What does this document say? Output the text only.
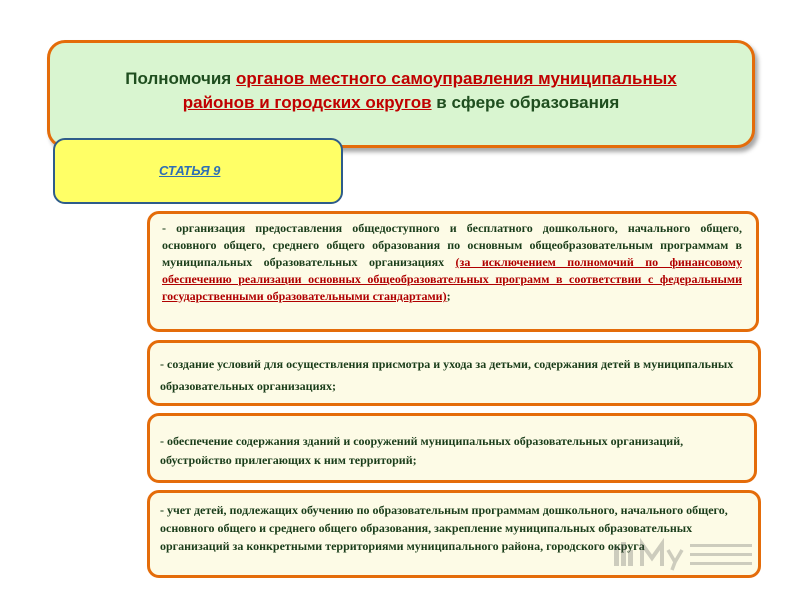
Полномочия органов местного самоуправления муниципальных районов и городских округов в сфере образования
СТАТЬЯ 9
- организация предоставления общедоступного и бесплатного дошкольного, начального общего, основного общего, среднего общего образования по основным общеобразовательным программам в муниципальных образовательных организациях (за исключением полномочий по финансовому обеспечению реализации основных общеобразовательных программ в соответствии с федеральными государственными образовательными стандартами);
- создание условий для осуществления присмотра и ухода за детьми, содержания детей в муниципальных образовательных организациях;
- обеспечение содержания зданий и сооружений муниципальных образовательных организаций, обустройство прилегающих к ним территорий;
- учет детей, подлежащих обучению по образовательным программам дошкольного, начального общего, основного общего и среднего общего образования, закрепление муниципальных образовательных организаций за конкретными территориями муниципального района, городского округа
